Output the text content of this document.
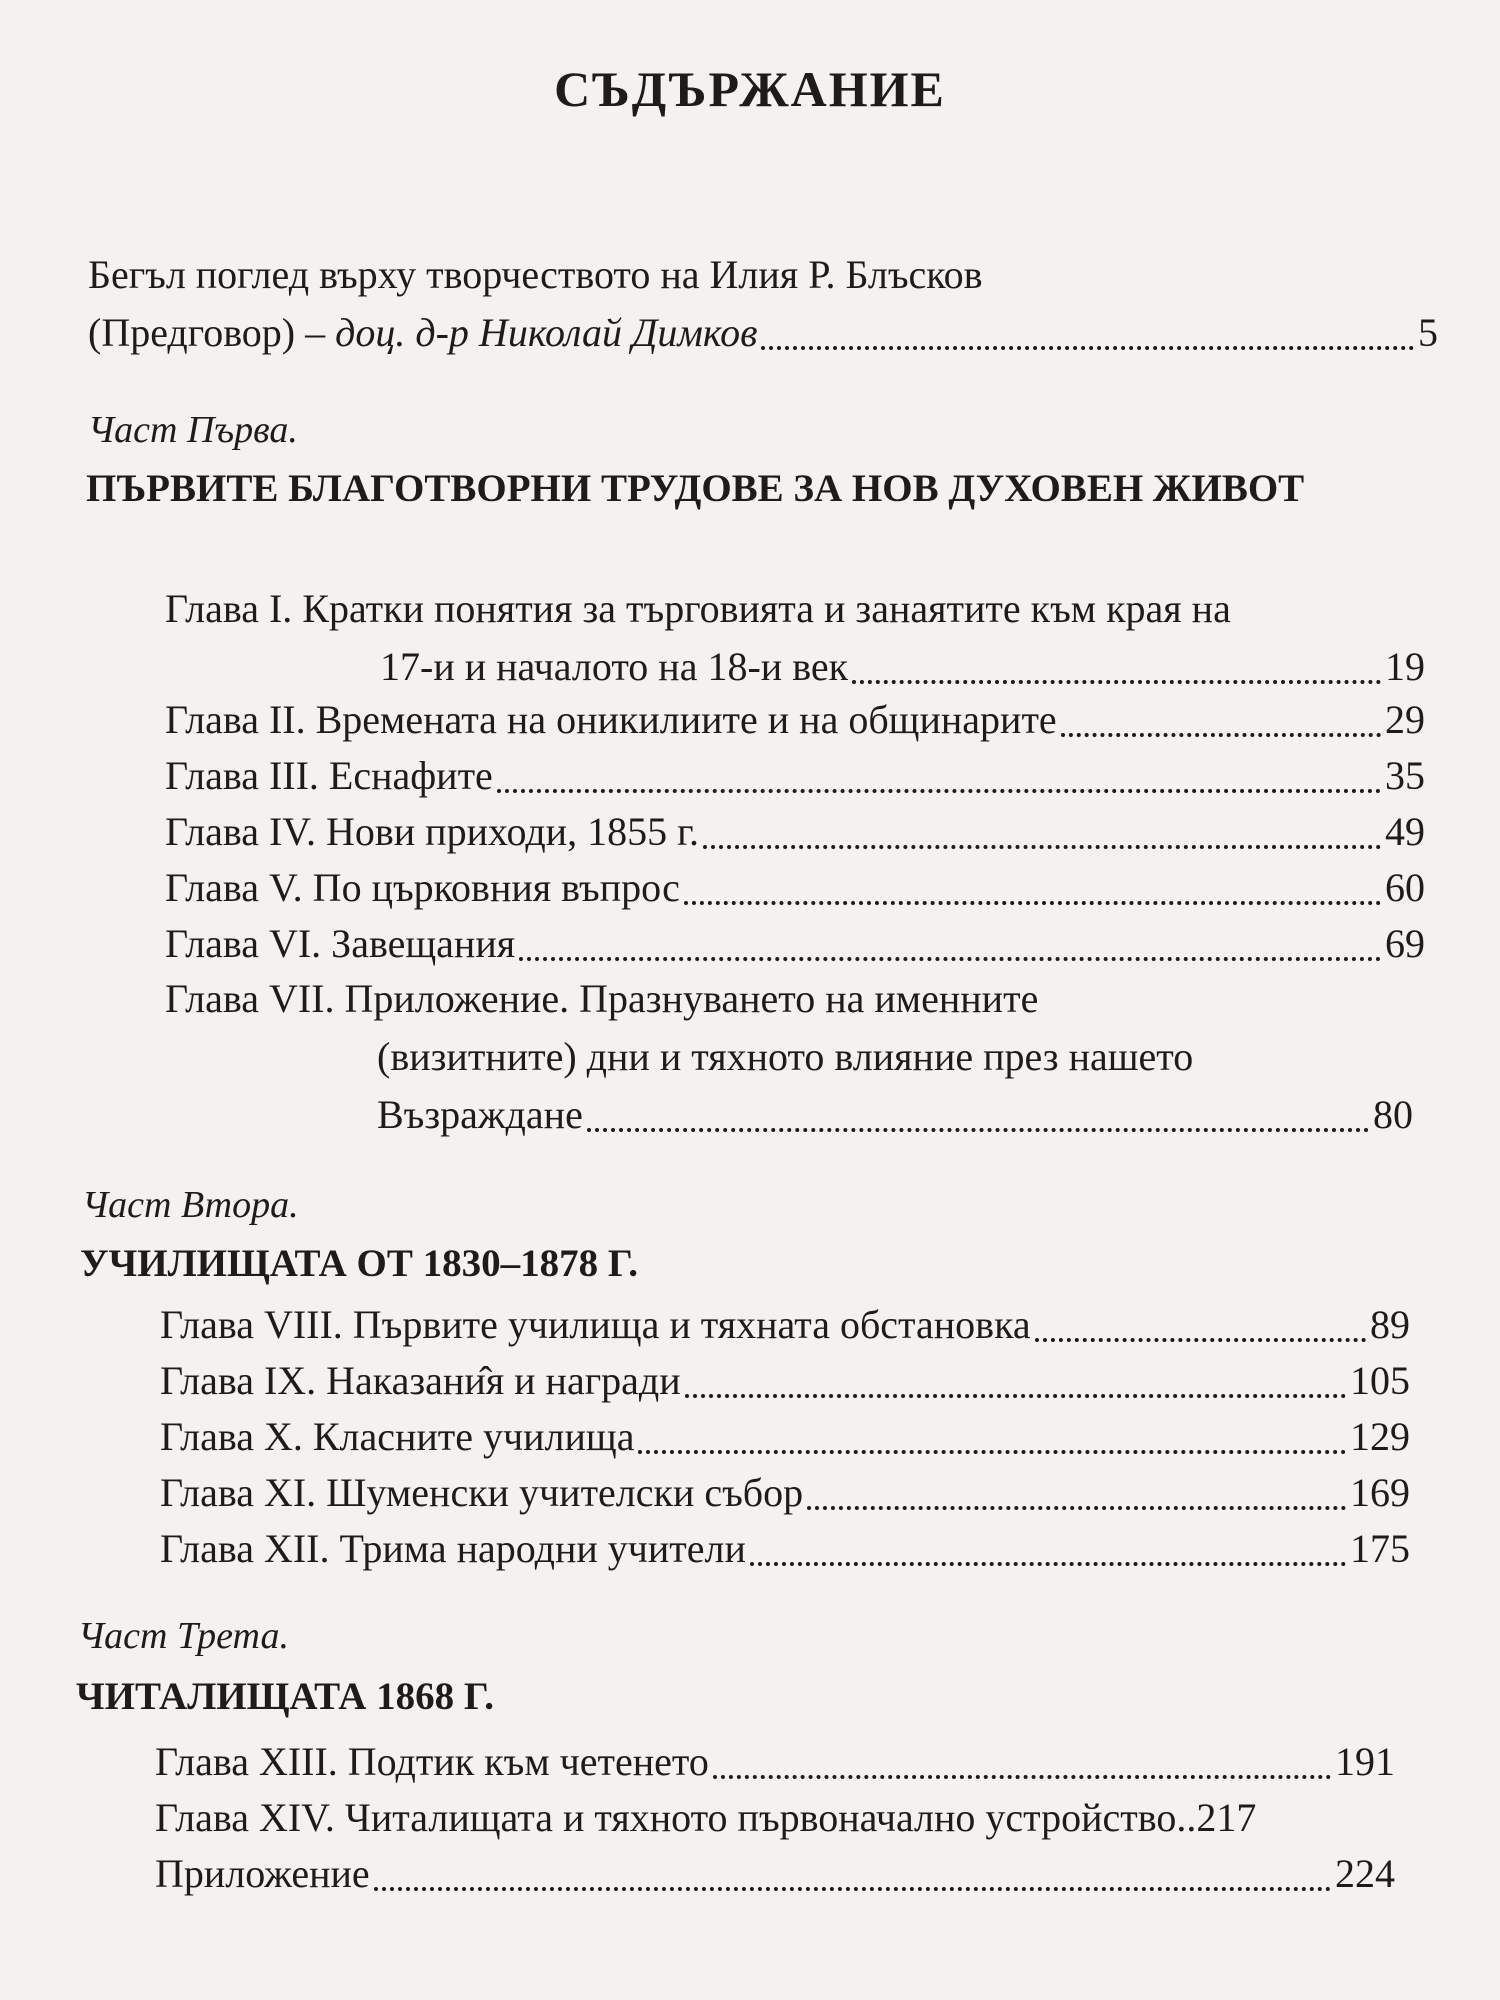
СЪДЪРЖАНИЕ
Бегъл поглед върху творчеството на Илия Р. Блъсков
(Предговор) –
доц. д-р Николай Димков	5
Част Първа.
ПЪРВИТЕ БЛАГОТВОРНИ ТРУДОВЕ ЗА НОВ ДУХОВЕН ЖИВОТ
Глава I. Кратки понятия за търговията и занаятите към края на
17-и и началото на 18-и век	19
Глава II. Времената на оникилиите и на общинарите	29
Глава III. Еснафите	35
Глава IV. Нови приходи, 1855 г.	49
Глава V. По църковния въпрос	60
Глава VI. Завещания	69
Глава VII. Приложение. Празнуването на именните
(визитните) дни и тяхното влияние през нашето
Възраждане	80
Част Втора.
УЧИЛИЩАТА ОТ 1830–1878 Г.
Глава VIII. Първите училища и тяхната обстановка	89
Глава IX. Наказани̂я и награди	105
Глава X. Класните училища	129
Глава XI. Шуменски учителски събор	169
Глава XII. Трима народни учители	175
Част Трета.
ЧИТАЛИЩАТА 1868 Г.
Глава XIII. Подтик към четенето	191
Глава XIV. Читалищата и тяхното първоначално устройство.. 217
Приложение	224
